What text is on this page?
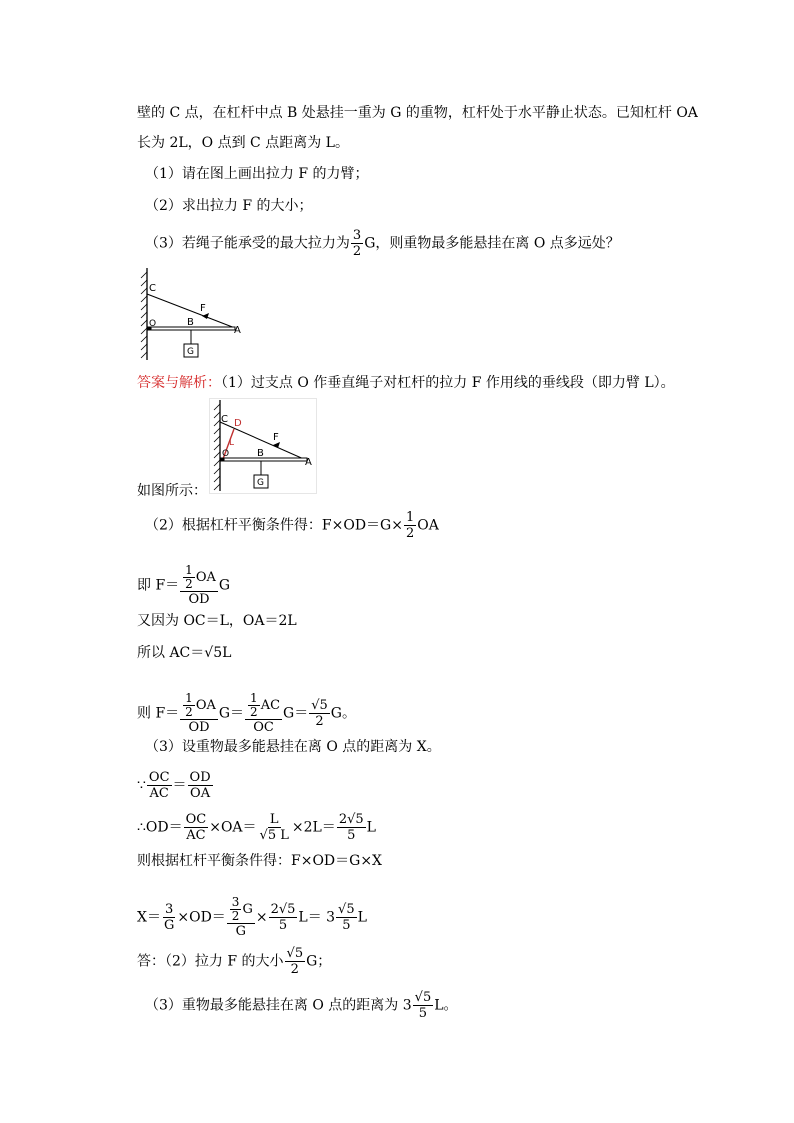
壁的 C 点，在杠杆中点 B 处悬挂一重为 G 的重物，杠杆处于水平静止状态。已知杠杆 OA
长为 2L，O 点到 C 点距离为 L。
（1）请在图上画出拉力 F 的力臂；
（2）求出拉力 F 的大小；
（3）若绳子能承受的最大拉力为 $\frac{3}{2}$ G，则重物最多能悬挂在离 O 点多远处？
C
F
O	B
A
G
答案与解析：（1）过支点 O 作垂直绳子对杠杆的拉力 F 作用线的垂线段（即力臂 L）。
C D
L	F
O	B
A
G
如图所示：
（2）根据杠杆平衡条件得：$F\times OD=G\times \frac{1}{2}$ OA
即 $F= \frac{\frac{1}{2} OA}{OD}$ G
又因为 OC＝L，OA＝2L
所以 AC＝√5L
则 $F= \frac{\frac{1}{2} OA}{OD} G= \frac{\frac{1}{2} AC}{OC} G= \frac{√5}{2}$ G。
（3）设重物最多能悬挂在离 O 点的距离为 X。
∵ $\frac{OC}{AC} = \frac{OD}{OA}$
∴OD＝ $\frac{OC}{AC} \times OA= \frac{L}{√5 L} \times 2L= \frac{2√5}{5}$ L
则根据杠杆平衡条件得：F×OD＝G×X
$X= \frac{3}{G} \times OD= \frac{\frac{3}{2} G}{G} \times \frac{2√5}{5} L= 3 \frac{√5}{5}$ L
答：（2）拉力 F 的大小 $\frac{√5}{2}$ G；
（3）重物最多能悬挂在离 O 点的距离为 $3 \frac{√5}{5}$ L。
